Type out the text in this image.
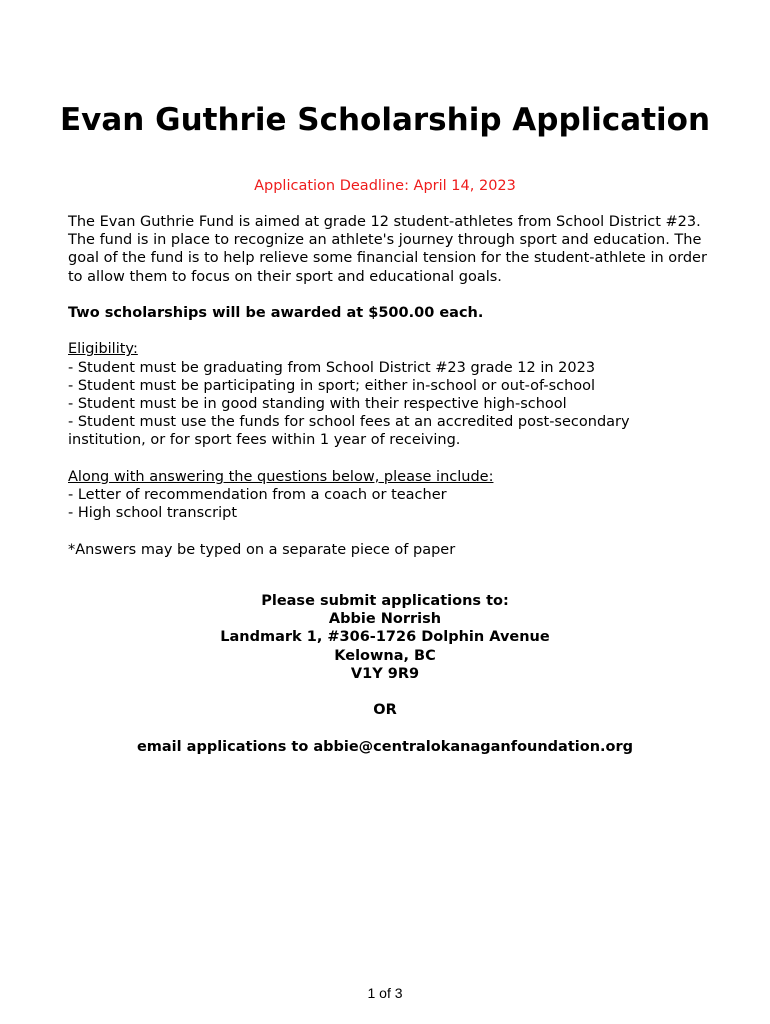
Evan Guthrie Scholarship Application

Application Deadline: April 14, 2023

The Evan Guthrie Fund is aimed at grade 12 student-athletes from School District #23. The fund is in place to recognize an athlete's journey through sport and education. The goal of the fund is to help relieve some financial tension for the student-athlete in order to allow them to focus on their sport and educational goals.

Two scholarships will be awarded at $500.00 each.

Eligibility:

- Student must be graduating from School District #23 grade 12 in 2023

- Student must be participating in sport; either in-school or out-of-school

- Student must be in good standing with their respective high-school

- Student must use the funds for school fees at an accredited post-secondary institution, or for sport fees within 1 year of receiving.

Along with answering the questions below, please include:

- Letter of recommendation from a coach or teacher

- High school transcript

*Answers may be typed on a separate piece of paper

Please submit applications to:

Abbie Norrish

Landmark 1, #306-1726 Dolphin Avenue

Kelowna, BC

V1Y 9R9

OR

email applications to abbie@centralokanaganfoundation.org

1 of 3
